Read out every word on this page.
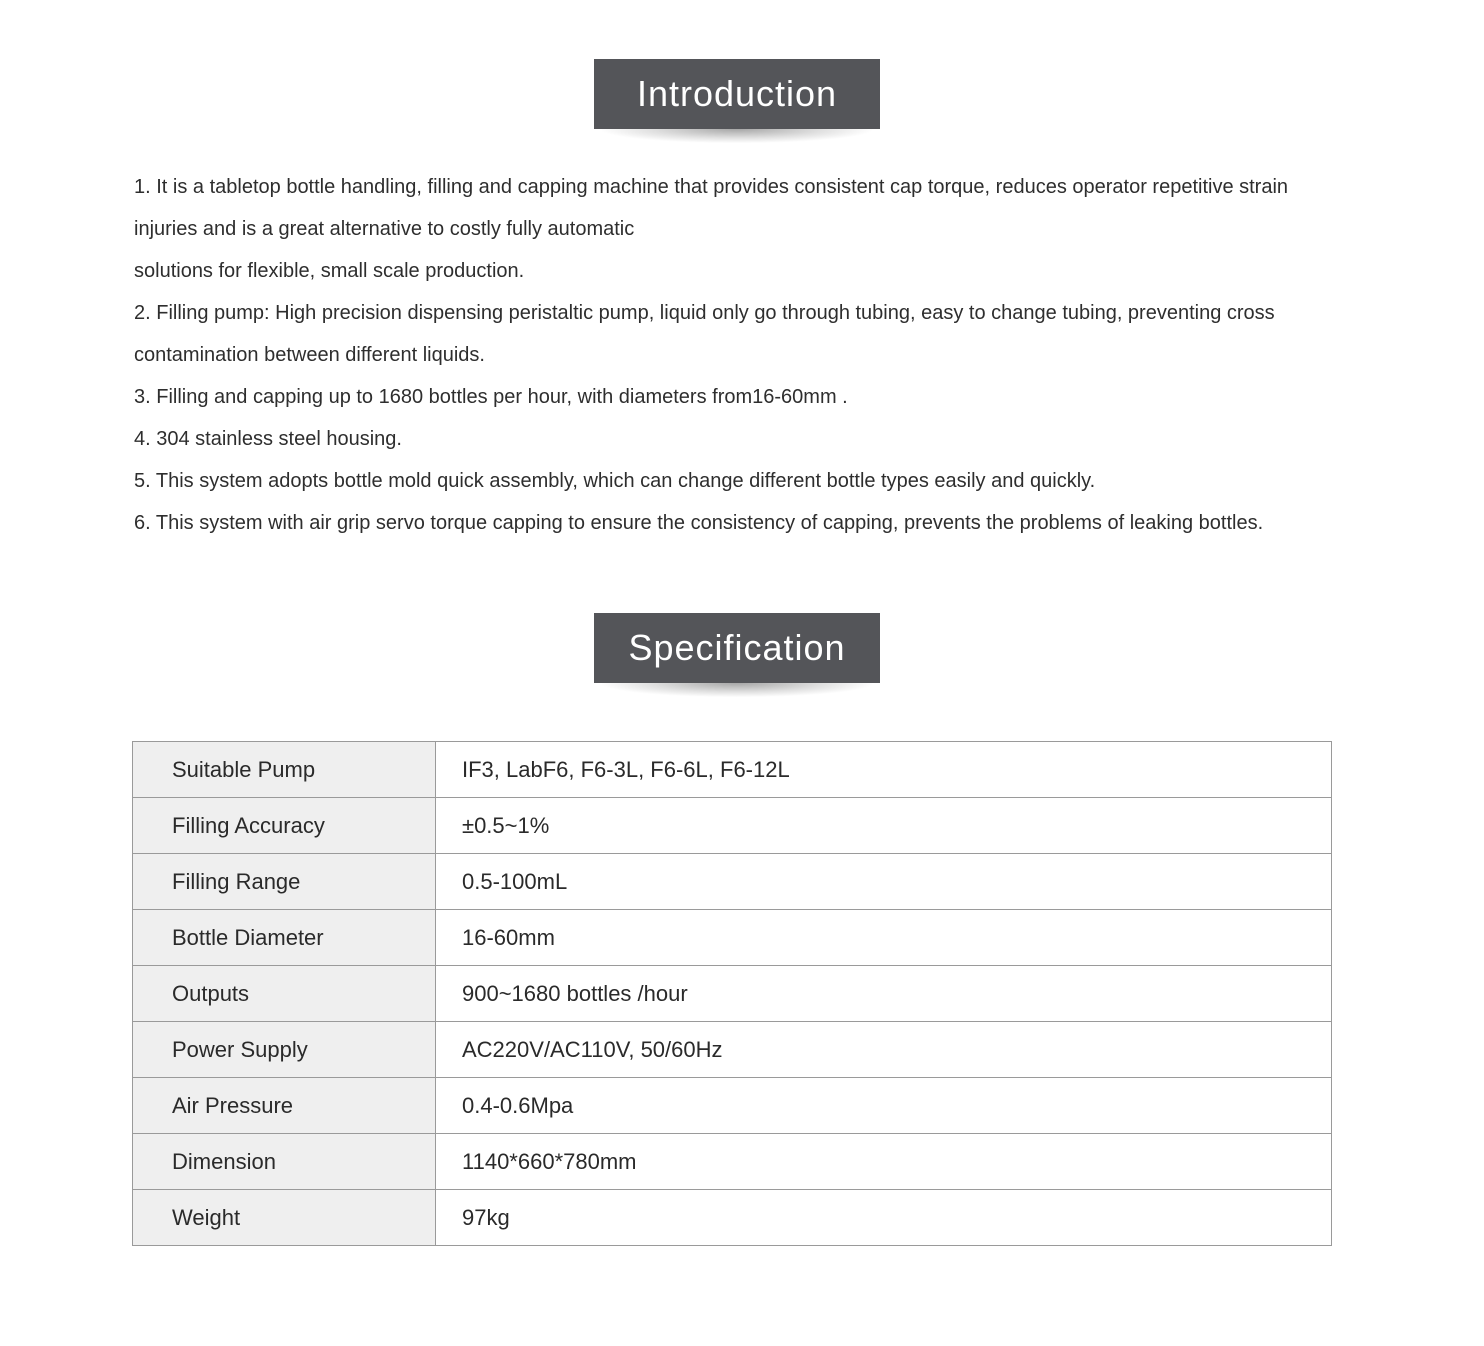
Introduction

1. It is a tabletop bottle handling, filling and capping machine that provides consistent cap torque, reduces operator repetitive strain injuries and is a great alternative to costly fully automatic

solutions for flexible, small scale production.

2. Filling pump: High precision dispensing peristaltic pump, liquid only go through tubing, easy to change tubing, preventing cross contamination between different liquids.

3. Filling and capping up to 1680 bottles per hour, with diameters from16-60mm .

4. 304 stainless steel housing.

5. This system adopts bottle mold quick assembly, which can change different bottle types easily and quickly.

6. This system with air grip servo torque capping to ensure the consistency of capping, prevents the problems of leaking bottles.

Specification
Suitable Pump	IF3, LabF6, F6-3L, F6-6L, F6-12L
Filling Accuracy	±0.5~1%
Filling Range	0.5-100mL
Bottle Diameter	16-60mm
Outputs	900~1680 bottles /hour
Power Supply	AC220V/AC110V, 50/60Hz
Air Pressure	0.4-0.6Mpa
Dimension	1140*660*780mm
Weight	97kg
